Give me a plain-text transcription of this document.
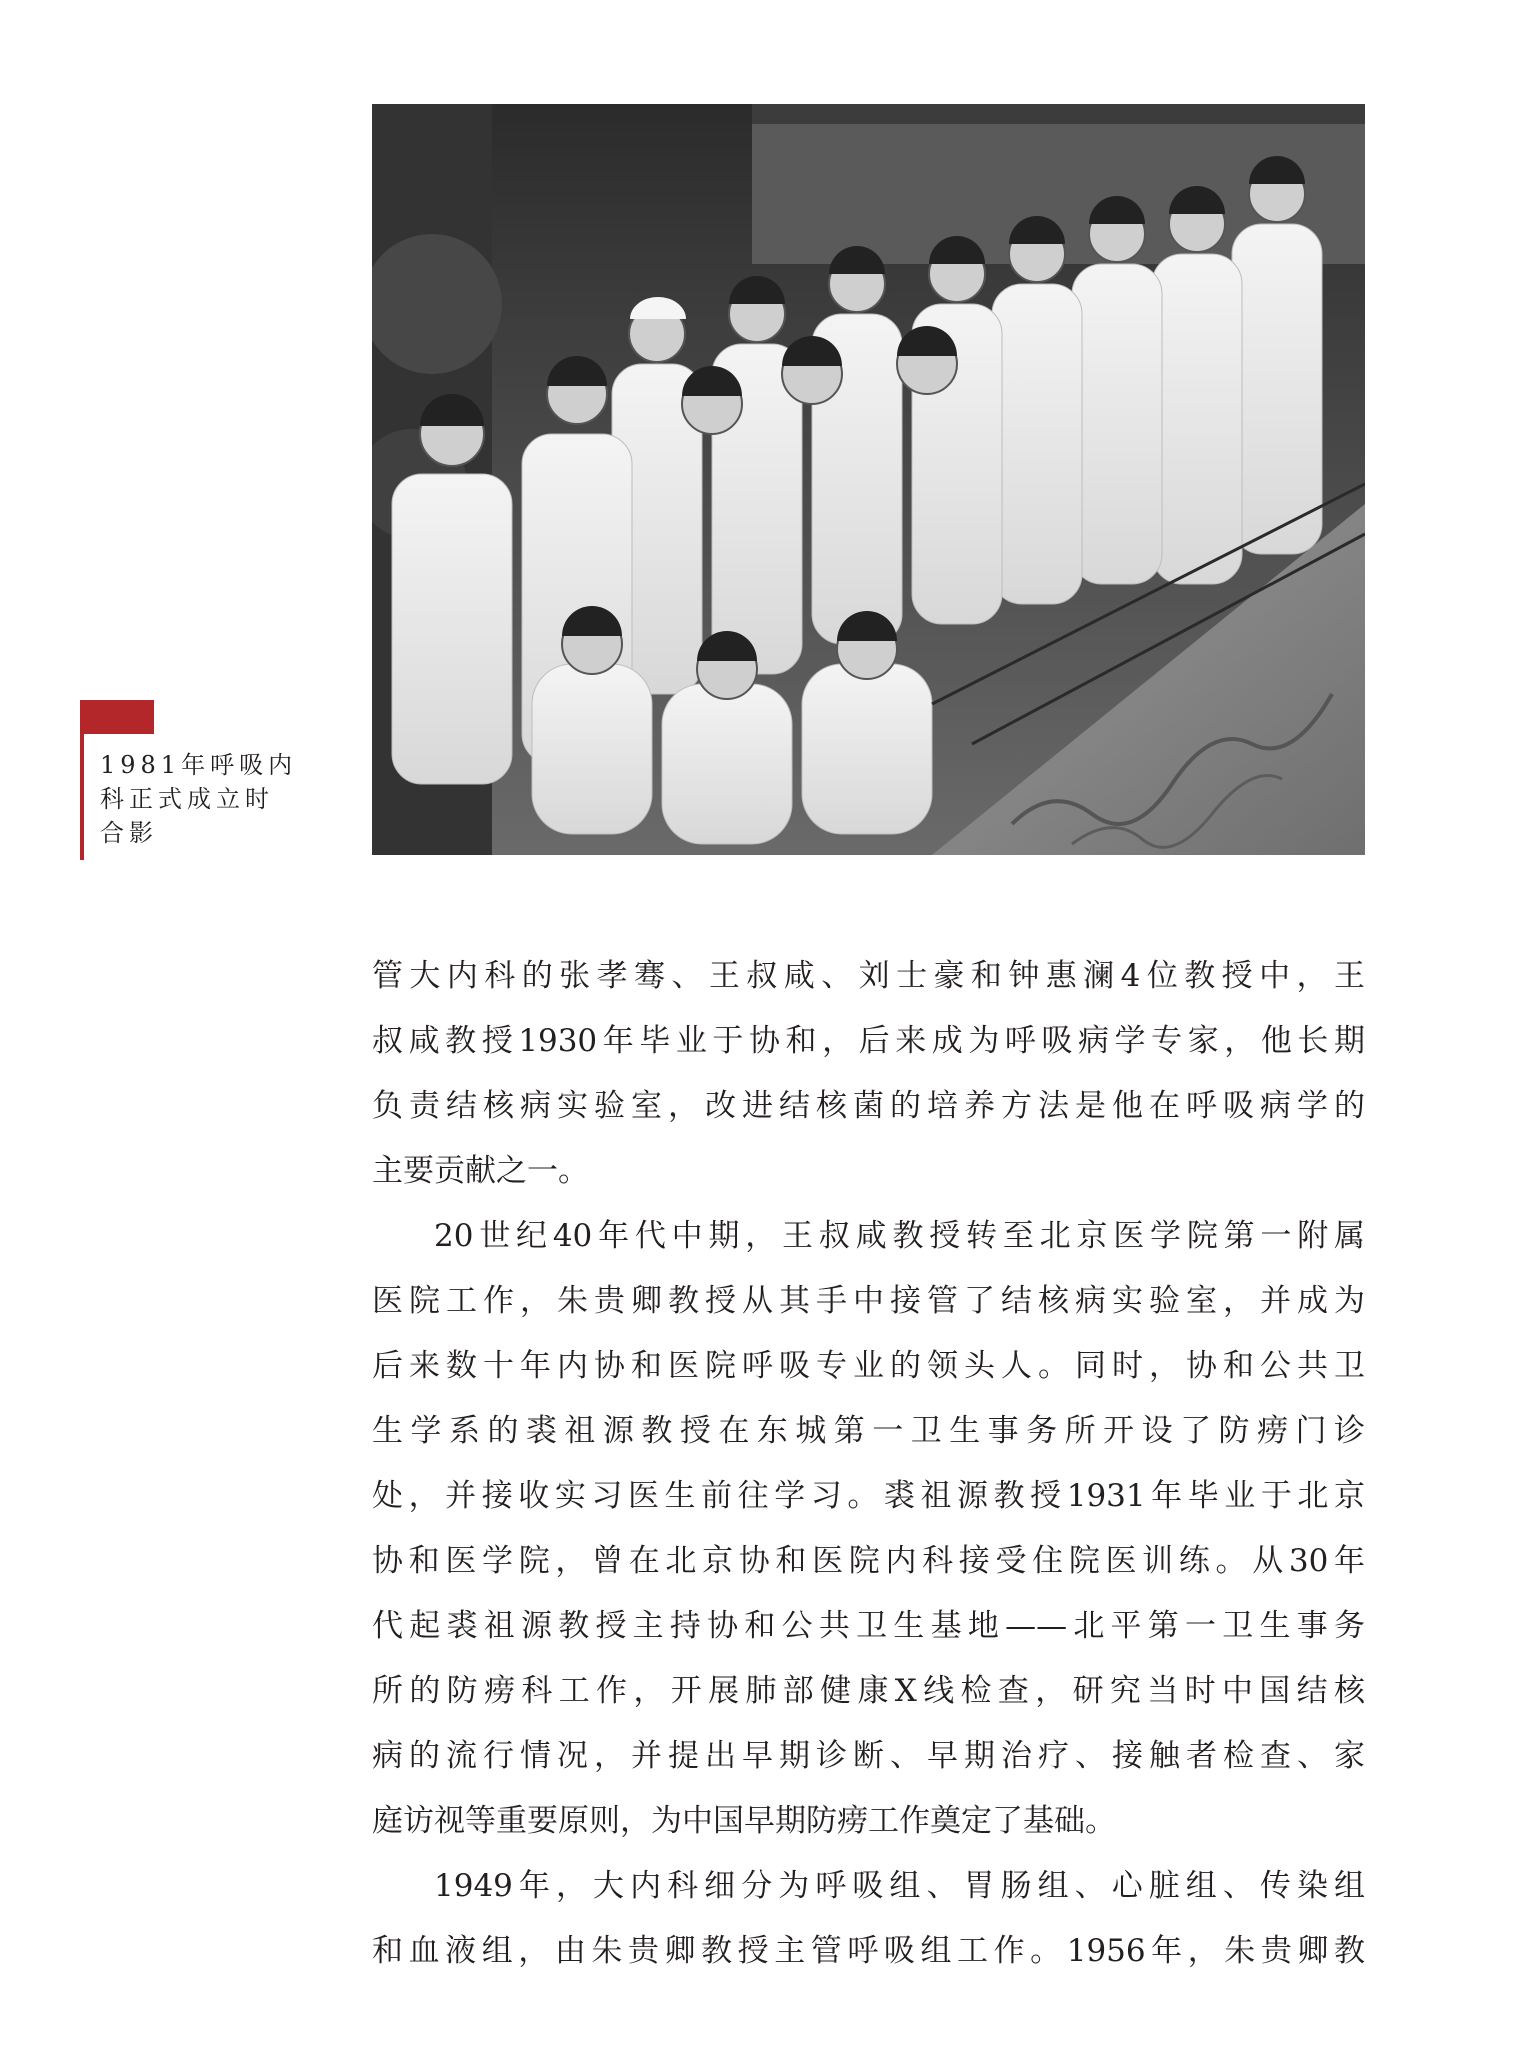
1981年呼吸内
科正式成立时
合影
管大内科的张孝骞、王叔咸、刘士豪和钟惠澜4位教授中，王
叔咸教授1930年毕业于协和，后来成为呼吸病学专家，他长期
负责结核病实验室，改进结核菌的培养方法是他在呼吸病学的
主要贡献之一。
20世纪40年代中期，王叔咸教授转至北京医学院第一附属
医院工作，朱贵卿教授从其手中接管了结核病实验室，并成为
后来数十年内协和医院呼吸专业的领头人。同时，协和公共卫
生学系的裘祖源教授在东城第一卫生事务所开设了防痨门诊
处，并接收实习医生前往学习。裘祖源教授1931年毕业于北京
协和医学院，曾在北京协和医院内科接受住院医训练。从30年
代起裘祖源教授主持协和公共卫生基地——北平第一卫生事务
所的防痨科工作，开展肺部健康X线检查，研究当时中国结核
病的流行情况，并提出早期诊断、早期治疗、接触者检查、家
庭访视等重要原则，为中国早期防痨工作奠定了基础。
1949年，大内科细分为呼吸组、胃肠组、心脏组、传染组
和血液组，由朱贵卿教授主管呼吸组工作。1956年，朱贵卿教
